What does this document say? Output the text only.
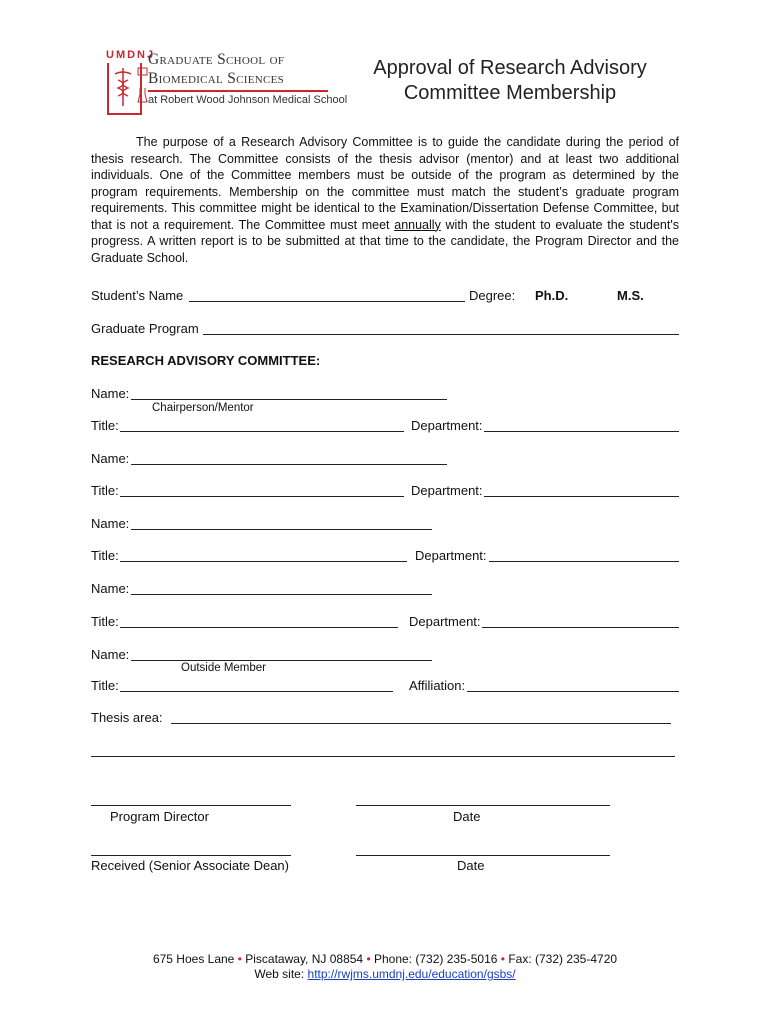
UMDNJ
Graduate School of
Biomedical Sciences
at Robert Wood Johnson Medical School
Approval of Research Advisory
Committee Membership
The purpose of a Research Advisory Committee is to guide the candidate during the period of thesis research. The Committee consists of the thesis advisor (mentor) and at least two additional individuals. One of the Committee members must be outside of the program as determined by the program requirements. Membership on the committee must match the student’s graduate program requirements. This committee might be identical to the Examination/Dissertation Defense Committee, but that is not a requirement. The Committee must meet annually with the student to evaluate the student's progress. A written report is to be submitted at that time to the candidate, the Program Director and the Graduate School.
Student’s Name	Degree: Ph.D.	M.S.
Graduate Program
RESEARCH ADVISORY COMMITTEE:
Name:
Chairperson/Mentor
Title:	Department:
Name:
Title:	Department:
Name:
Title:	Department:
Name:
Title:	Department:
Name:
Outside Member
Title:	Affiliation:
Thesis area:
Program Director	Date
Received (Senior Associate Dean)	Date
675 Hoes Lane • Piscataway, NJ 08854 • Phone: (732) 235-5016 • Fax: (732) 235-4720
Web site: http://rwjms.umdnj.edu/education/gsbs/
